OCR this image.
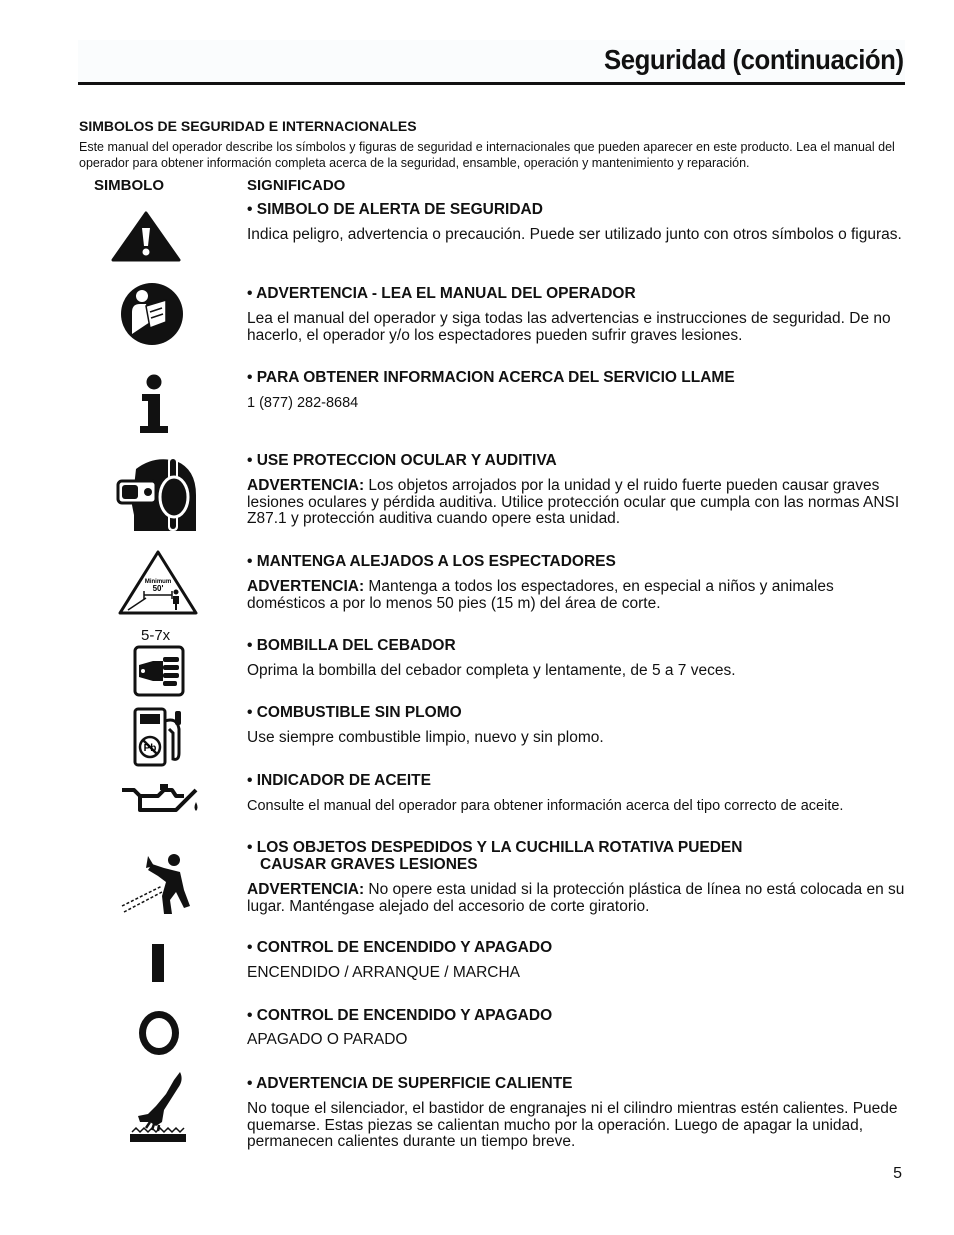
Seguridad (continuación)
SIMBOLOS DE SEGURIDAD E INTERNACIONALES
Este manual del operador describe los símbolos y figuras de seguridad e internacionales que pueden aparecer en este producto. Lea el manual del operador para obtener información completa acerca de la seguridad, ensamble, operación y mantenimiento y reparación.
SIMBOLO	SIGNIFICADO
• SIMBOLO DE ALERTA DE SEGURIDAD
Indica peligro, advertencia o precaución. Puede ser utilizado junto con otros símbolos o figuras.
• ADVERTENCIA - LEA EL MANUAL DEL OPERADOR
Lea el manual del operador y siga todas las advertencias e instrucciones de seguridad. De no hacerlo, el operador y/o los espectadores pueden sufrir graves lesiones.
• PARA OBTENER INFORMACION ACERCA DEL SERVICIO LLAME
1 (877) 282-8684
• USE PROTECCION OCULAR Y AUDITIVA
ADVERTENCIA: Los objetos arrojados por la unidad y el ruido fuerte pueden causar graves lesiones oculares y pérdida auditiva. Utilice protección ocular que cumpla con las normas ANSI Z87.1 y protección auditiva cuando opere esta unidad.
Minimum
50'
• MANTENGA ALEJADOS A LOS ESPECTADORES
ADVERTENCIA: Mantenga a todos los espectadores, en especial a niños y animales domésticos a por lo menos 50 pies (15 m) del área de corte.
5-7x
• BOMBILLA DEL CEBADOR
Oprima la bombilla del cebador completa y lentamente, de 5 a 7 veces.
Pb
• COMBUSTIBLE SIN PLOMO
Use siempre combustible limpio, nuevo y sin plomo.
• INDICADOR DE ACEITE
Consulte el manual del operador para obtener información acerca del tipo correcto de aceite.
• LOS OBJETOS DESPEDIDOS Y LA CUCHILLA ROTATIVA PUEDEN
CAUSAR GRAVES LESIONES
ADVERTENCIA: No opere esta unidad si la protección plástica de línea no está colocada en su lugar. Manténgase alejado del accesorio de corte giratorio.
• CONTROL DE ENCENDIDO Y APAGADO
ENCENDIDO / ARRANQUE / MARCHA
• CONTROL DE ENCENDIDO Y APAGADO
APAGADO O PARADO
• ADVERTENCIA DE SUPERFICIE CALIENTE
No toque el silenciador, el bastidor de engranajes ni el cilindro mientras estén calientes. Puede quemarse. Estas piezas se calientan mucho por la operación. Luego de apagar la unidad, permanecen calientes durante un tiempo breve.
5
